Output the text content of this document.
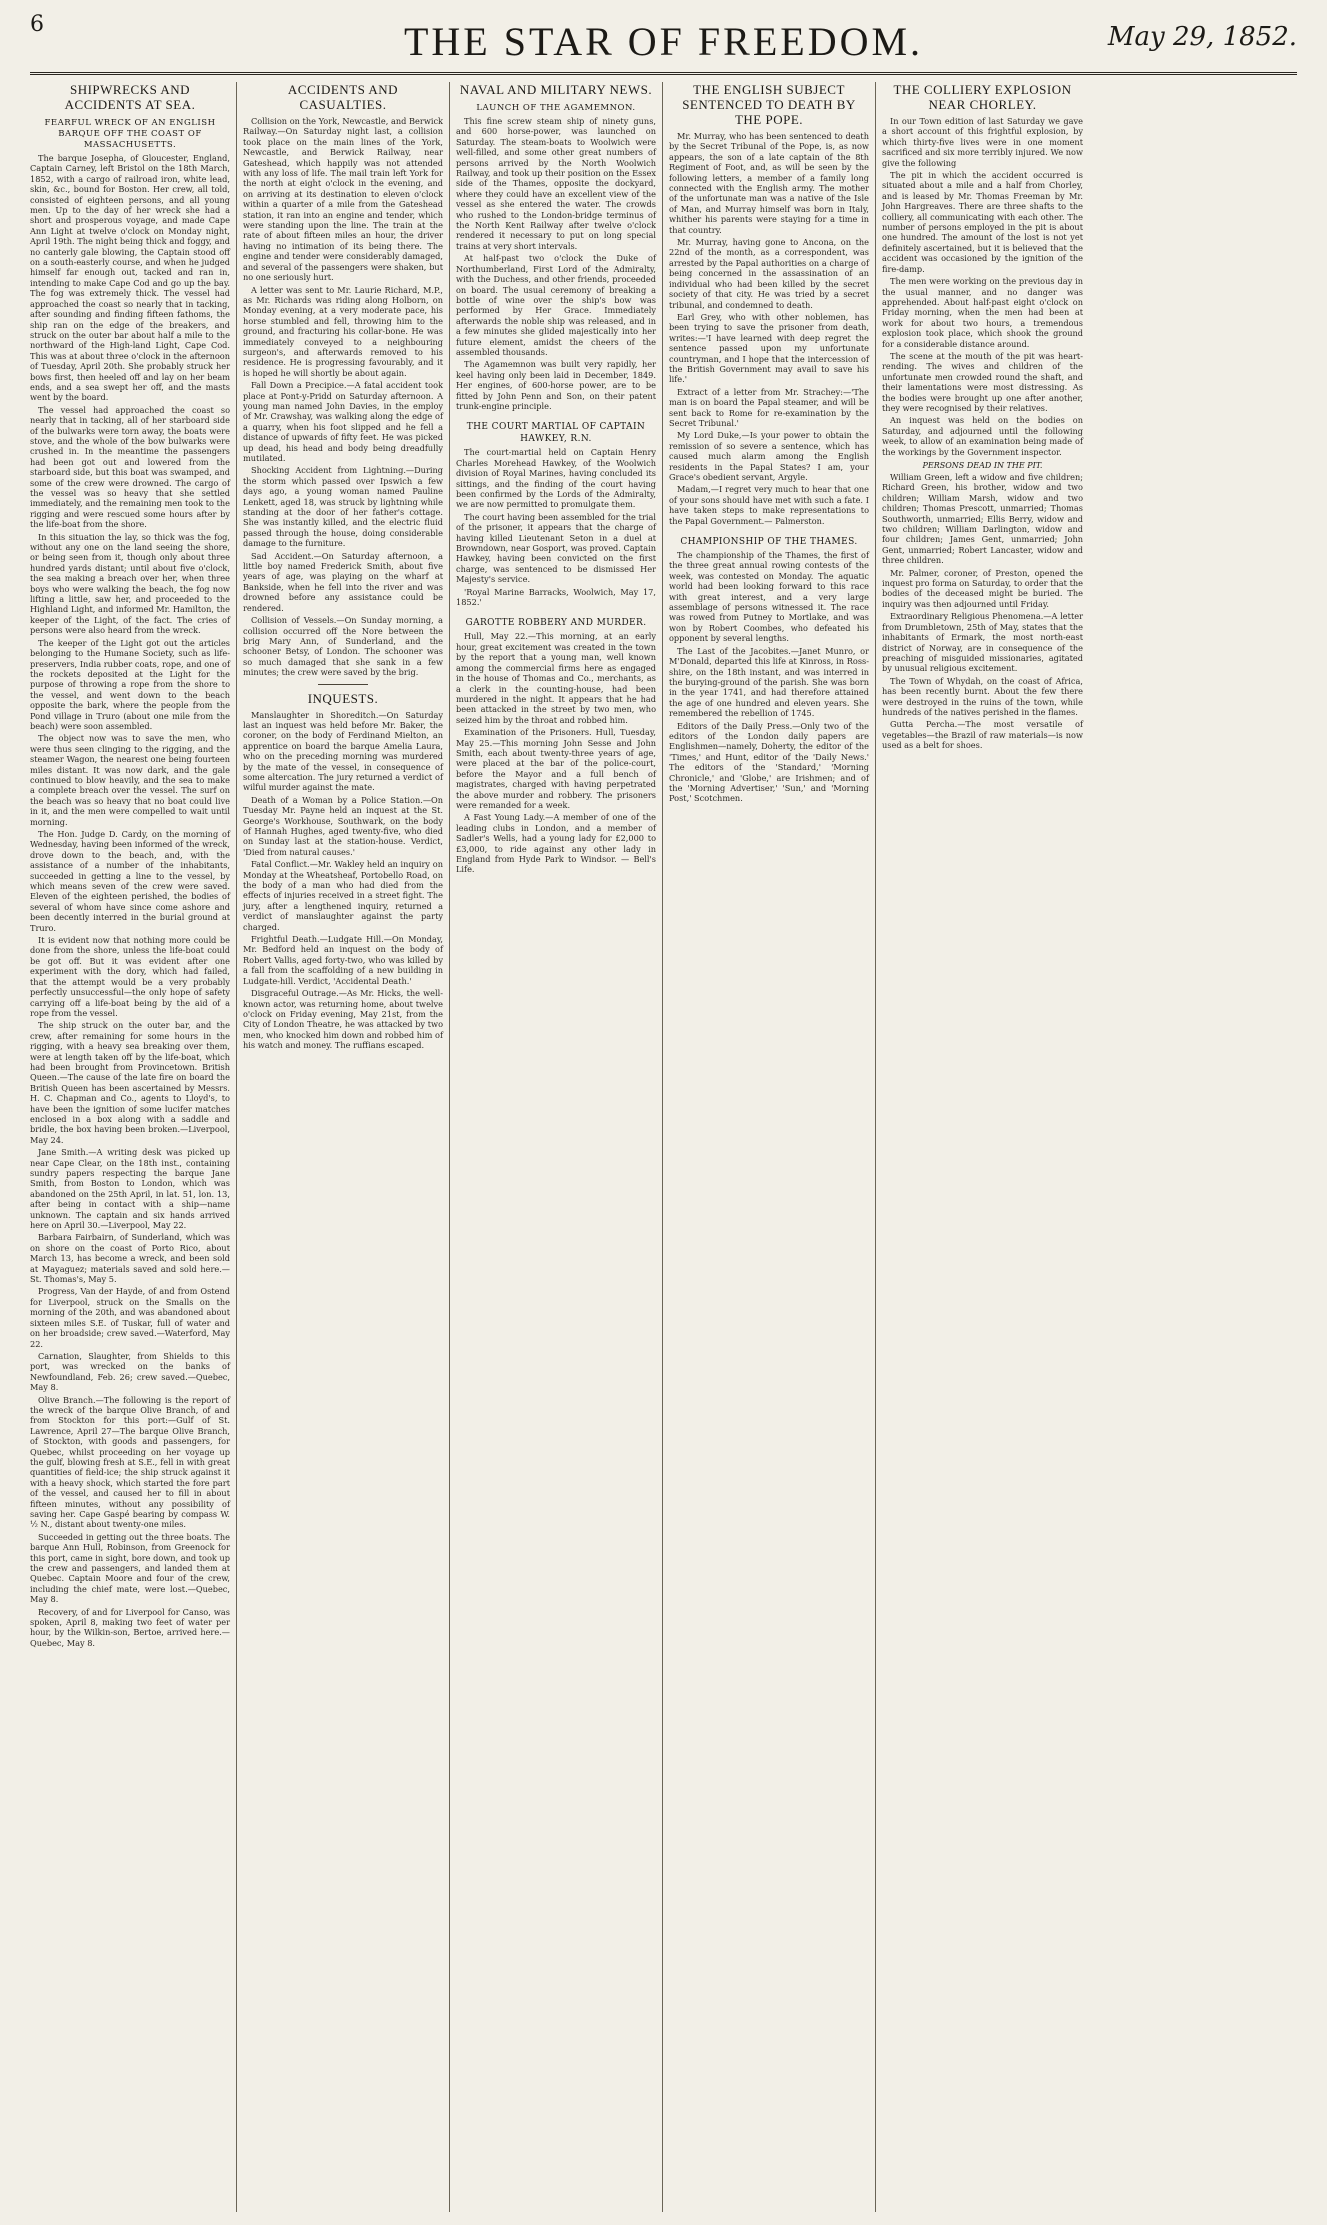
6	THE STAR OF FREEDOM.	May 29, 1852.
SHIPWRECKS AND ACCIDENTS AT SEA.
FEARFUL WRECK OF AN ENGLISH BARQUE OFF THE COAST OF MASSACHUSETTS.

The barque Josepha, of Gloucester, England, Captain Carney, left Bristol on the 18th March, 1852, with a cargo of railroad iron, white lead, skin, &c., bound for Boston. Her crew, all told, consisted of eighteen persons, and all young men. Up to the day of her wreck she had a short and prosperous voyage, and made Cape Ann Light at twelve o'clock on Monday night, April 19th. The night being thick and foggy, and no canterly gale blowing, the Captain stood off on a south-easterly course, and when he judged himself far enough out, tacked and ran in, intending to make Cape Cod and go up the bay. The fog was extremely thick. The vessel had approached the coast so nearly that in tacking, after sounding and finding fifteen fathoms, the ship ran on the edge of the breakers, and struck on the outer bar about half a mile to the northward of the High-land Light, Cape Cod. This was at about three o'clock in the afternoon of Tuesday, April 20th. She probably struck her bows first, then heeled off and lay on her beam ends, and a sea swept her off, and the masts went by the board.

The vessel had approached the coast so nearly that in tacking, all of her starboard side of the bulwarks were torn away, the boats were stove, and the whole of the bow bulwarks were crushed in. In the meantime the passengers had been got out and lowered from the starboard side, but this boat was swamped, and some of the crew were drowned. The cargo of the vessel was so heavy that she settled immediately, and the remaining men took to the rigging and were rescued some hours after by the life-boat from the shore.

In this situation the lay, so thick was the fog, without any one on the land seeing the shore, or being seen from it, though only about three hundred yards distant; until about five o'clock, the sea making a breach over her, when three boys who were walking the beach, the fog now lifting a little, saw her, and proceeded to the Highland Light, and informed Mr. Hamilton, the keeper of the Light, of the fact. The cries of persons were also heard from the wreck.

The keeper of the Light got out the articles belonging to the Humane Society, such as life-preservers, India rubber coats, rope, and one of the rockets deposited at the Light for the purpose of throwing a rope from the shore to the vessel, and went down to the beach opposite the bark, where the people from the Pond village in Truro (about one mile from the beach) were soon assembled.

The object now was to save the men, who were thus seen clinging to the rigging, and the steamer Wagon, the nearest one being fourteen miles distant. It was now dark, and the gale continued to blow heavily, and the sea to make a complete breach over the vessel. The surf on the beach was so heavy that no boat could live in it, and the men were compelled to wait until morning.

The Hon. Judge D. Cardy, on the morning of Wednesday, having been informed of the wreck, drove down to the beach, and, with the assistance of a number of the inhabitants, succeeded in getting a line to the vessel, by which means seven of the crew were saved. Eleven of the eighteen perished, the bodies of several of whom have since come ashore and been decently interred in the burial ground at Truro.

It is evident now that nothing more could be done from the shore, unless the life-boat could be got off. But it was evident after one experiment with the dory, which had failed, that the attempt would be a very probably perfectly unsuccessful—the only hope of safety carrying off a life-boat being by the aid of a rope from the vessel.

The ship struck on the outer bar, and the crew, after remaining for some hours in the rigging, with a heavy sea breaking over them, were at length taken off by the life-boat, which had been brought from Provincetown. British Queen.—The cause of the late fire on board the British Queen has been ascertained by Messrs. H. C. Chapman and Co., agents to Lloyd's, to have been the ignition of some lucifer matches enclosed in a box along with a saddle and bridle, the box having been broken.—Liverpool, May 24.

Jane Smith.—A writing desk was picked up near Cape Clear, on the 18th inst., containing sundry papers respecting the barque Jane Smith, from Boston to London, which was abandoned on the 25th April, in lat. 51, lon. 13, after being in contact with a ship—name unknown. The captain and six hands arrived here on April 30.—Liverpool, May 22.

Barbara Fairbairn, of Sunderland, which was on shore on the coast of Porto Rico, about March 13, has become a wreck, and been sold at Mayaguez; materials saved and sold here.—St. Thomas's, May 5.

Progress, Van der Hayde, of and from Ostend for Liverpool, struck on the Smalls on the morning of the 20th, and was abandoned about sixteen miles S.E. of Tuskar, full of water and on her broadside; crew saved.—Waterford, May 22.

Carnation, Slaughter, from Shields to this port, was wrecked on the banks of Newfoundland, Feb. 26; crew saved.—Quebec, May 8.

Olive Branch.—The following is the report of the wreck of the barque Olive Branch, of and from Stockton for this port:—Gulf of St. Lawrence, April 27—The barque Olive Branch, of Stockton, with goods and passengers, for Quebec, whilst proceeding on her voyage up the gulf, blowing fresh at S.E., fell in with great quantities of field-ice; the ship struck against it with a heavy shock, which started the fore part of the vessel, and caused her to fill in about fifteen minutes, without any possibility of saving her. Cape Gaspé bearing by compass W. ½ N., distant about twenty-one miles.

Succeeded in getting out the three boats. The barque Ann Hull, Robinson, from Greenock for this port, came in sight, bore down, and took up the crew and passengers, and landed them at Quebec. Captain Moore and four of the crew, including the chief mate, were lost.—Quebec, May 8.

Recovery, of and for Liverpool for Canso, was spoken, April 8, making two feet of water per hour, by the Wilkin-son, Bertoe, arrived here.—Quebec, May 8.

ACCIDENTS AND CASUALTIES.

Collision on the York, Newcastle, and Berwick Railway.—On Saturday night last, a collision took place on the main lines of the York, Newcastle, and Berwick Railway, near Gateshead, which happily was not attended with any loss of life. The mail train left York for the north at eight o'clock in the evening, and on arriving at its destination to eleven o'clock within a quarter of a mile from the Gateshead station, it ran into an engine and tender, which were standing upon the line. The train at the rate of about fifteen miles an hour, the driver having no intimation of its being there. The engine and tender were considerably damaged, and several of the passengers were shaken, but no one seriously hurt.

A letter was sent to Mr. Laurie Richard, M.P., as Mr. Richards was riding along Holborn, on Monday evening, at a very moderate pace, his horse stumbled and fell, throwing him to the ground, and fracturing his collar-bone. He was immediately conveyed to a neighbouring surgeon's, and afterwards removed to his residence. He is progressing favourably, and it is hoped he will shortly be about again.

Fall Down a Precipice.—A fatal accident took place at Pont-y-Pridd on Saturday afternoon. A young man named John Davies, in the employ of Mr. Crawshay, was walking along the edge of a quarry, when his foot slipped and he fell a distance of upwards of fifty feet. He was picked up dead, his head and body being dreadfully mutilated.

Shocking Accident from Lightning.—During the storm which passed over Ipswich a few days ago, a young woman named Pauline Lenkett, aged 18, was struck by lightning while standing at the door of her father's cottage. She was instantly killed, and the electric fluid passed through the house, doing considerable damage to the furniture.

Sad Accident.—On Saturday afternoon, a little boy named Frederick Smith, about five years of age, was playing on the wharf at Bankside, when he fell into the river and was drowned before any assistance could be rendered.

Collision of Vessels.—On Sunday morning, a collision occurred off the Nore between the brig Mary Ann, of Sunderland, and the schooner Betsy, of London. The schooner was so much damaged that she sank in a few minutes; the crew were saved by the brig.

INQUESTS.

Manslaughter in Shoreditch.—On Saturday last an inquest was held before Mr. Baker, the coroner, on the body of Ferdinand Mielton, an apprentice on board the barque Amelia Laura, who on the preceding morning was murdered by the mate of the vessel, in consequence of some altercation. The jury returned a verdict of wilful murder against the mate.

Death of a Woman by a Police Station.—On Tuesday Mr. Payne held an inquest at the St. George's Workhouse, Southwark, on the body of Hannah Hughes, aged twenty-five, who died on Sunday last at the station-house. Verdict, 'Died from natural causes.'

Fatal Conflict.—Mr. Wakley held an inquiry on Monday at the Wheatsheaf, Portobello Road, on the body of a man who had died from the effects of injuries received in a street fight. The jury, after a lengthened inquiry, returned a verdict of manslaughter against the party charged.

Frightful Death.—Ludgate Hill.—On Monday, Mr. Bedford held an inquest on the body of Robert Vallis, aged forty-two, who was killed by a fall from the scaffolding of a new building in Ludgate-hill. Verdict, 'Accidental Death.'

Disgraceful Outrage.—As Mr. Hicks, the well-known actor, was returning home, about twelve o'clock on Friday evening, May 21st, from the City of London Theatre, he was attacked by two men, who knocked him down and robbed him of his watch and money. The ruffians escaped.

NAVAL AND MILITARY NEWS.
LAUNCH OF THE AGAMEMNON.

This fine screw steam ship of ninety guns, and 600 horse-power, was launched on Saturday. The steam-boats to Woolwich were well-filled, and some other great numbers of persons arrived by the North Woolwich Railway, and took up their position on the Essex side of the Thames, opposite the dockyard, where they could have an excellent view of the vessel as she entered the water. The crowds who rushed to the London-bridge terminus of the North Kent Railway after twelve o'clock rendered it necessary to put on long special trains at very short intervals.

At half-past two o'clock the Duke of Northumberland, First Lord of the Admiralty, with the Duchess, and other friends, proceeded on board. The usual ceremony of breaking a bottle of wine over the ship's bow was performed by Her Grace. Immediately afterwards the noble ship was released, and in a few minutes she glided majestically into her future element, amidst the cheers of the assembled thousands.

The Agamemnon was built very rapidly, her keel having only been laid in December, 1849. Her engines, of 600-horse power, are to be fitted by John Penn and Son, on their patent trunk-engine principle.

THE COURT MARTIAL OF CAPTAIN HAWKEY, R.N.

The court-martial held on Captain Henry Charles Morehead Hawkey, of the Woolwich division of Royal Marines, having concluded its sittings, and the finding of the court having been confirmed by the Lords of the Admiralty, we are now permitted to promulgate them.

The court having been assembled for the trial of the prisoner, it appears that the charge of having killed Lieutenant Seton in a duel at Browndown, near Gosport, was proved. Captain Hawkey, having been convicted on the first charge, was sentenced to be dismissed Her Majesty's service.

'Royal Marine Barracks, Woolwich, May 17, 1852.'

GAROTTE ROBBERY AND MURDER.

Hull, May 22.—This morning, at an early hour, great excitement was created in the town by the report that a young man, well known among the commercial firms here as engaged in the house of Thomas and Co., merchants, as a clerk in the counting-house, had been murdered in the night. It appears that he had been attacked in the street by two men, who seized him by the throat and robbed him.

Examination of the Prisoners. Hull, Tuesday, May 25.—This morning John Sesse and John Smith, each about twenty-three years of age, were placed at the bar of the police-court, before the Mayor and a full bench of magistrates, charged with having perpetrated the above murder and robbery. The prisoners were remanded for a week.

A Fast Young Lady.—A member of one of the leading clubs in London, and a member of Sadler's Wells, had a young lady for £2,000 to £3,000, to ride against any other lady in England from Hyde Park to Windsor. — Bell's Life.

THE ENGLISH SUBJECT SENTENCED TO DEATH BY THE POPE.

Mr. Murray, who has been sentenced to death by the Secret Tribunal of the Pope, is, as now appears, the son of a late captain of the 8th Regiment of Foot, and, as will be seen by the following letters, a member of a family long connected with the English army. The mother of the unfortunate man was a native of the Isle of Man, and Murray himself was born in Italy, whither his parents were staying for a time in that country.

Mr. Murray, having gone to Ancona, on the 22nd of the month, as a correspondent, was arrested by the Papal authorities on a charge of being concerned in the assassination of an individual who had been killed by the secret society of that city. He was tried by a secret tribunal, and condemned to death.

Earl Grey, who with other noblemen, has been trying to save the prisoner from death, writes:—'I have learned with deep regret the sentence passed upon my unfortunate countryman, and I hope that the intercession of the British Government may avail to save his life.'

Extract of a letter from Mr. Strachey:—'The man is on board the Papal steamer, and will be sent back to Rome for re-examination by the Secret Tribunal.'

My Lord Duke,—Is your power to obtain the remission of so severe a sentence, which has caused much alarm among the English residents in the Papal States? I am, your Grace's obedient servant, Argyle.

Madam,—I regret very much to hear that one of your sons should have met with such a fate. I have taken steps to make representations to the Papal Government.— Palmerston.

CHAMPIONSHIP OF THE THAMES.

The championship of the Thames, the first of the three great annual rowing contests of the week, was contested on Monday. The aquatic world had been looking forward to this race with great interest, and a very large assemblage of persons witnessed it. The race was rowed from Putney to Mortlake, and was won by Robert Coombes, who defeated his opponent by several lengths.

The Last of the Jacobites.—Janet Munro, or M'Donald, departed this life at Kinross, in Ross-shire, on the 18th instant, and was interred in the burying-ground of the parish. She was born in the year 1741, and had therefore attained the age of one hundred and eleven years. She remembered the rebellion of 1745.

Editors of the Daily Press.—Only two of the editors of the London daily papers are Englishmen—namely, Doherty, the editor of the 'Times,' and Hunt, editor of the 'Daily News.' The editors of the 'Standard,' 'Morning Chronicle,' and 'Globe,' are Irishmen; and of the 'Morning Advertiser,' 'Sun,' and 'Morning Post,' Scotchmen.

THE COLLIERY EXPLOSION NEAR CHORLEY.

In our Town edition of last Saturday we gave a short account of this frightful explosion, by which thirty-five lives were in one moment sacrificed and six more terribly injured. We now give the following

The pit in which the accident occurred is situated about a mile and a half from Chorley, and is leased by Mr. Thomas Freeman by Mr. John Hargreaves. There are three shafts to the colliery, all communicating with each other. The number of persons employed in the pit is about one hundred. The amount of the lost is not yet definitely ascertained, but it is believed that the accident was occasioned by the ignition of the fire-damp.

The men were working on the previous day in the usual manner, and no danger was apprehended. About half-past eight o'clock on Friday morning, when the men had been at work for about two hours, a tremendous explosion took place, which shook the ground for a considerable distance around.

The scene at the mouth of the pit was heart-rending. The wives and children of the unfortunate men crowded round the shaft, and their lamentations were most distressing. As the bodies were brought up one after another, they were recognised by their relatives.

An inquest was held on the bodies on Saturday, and adjourned until the following week, to allow of an examination being made of the workings by the Government inspector.

PERSONS DEAD IN THE PIT.

William Green, left a widow and five children; Richard Green, his brother, widow and two children; William Marsh, widow and two children; Thomas Prescott, unmarried; Thomas Southworth, unmarried; Ellis Berry, widow and two children; William Darlington, widow and four children; James Gent, unmarried; John Gent, unmarried; Robert Lancaster, widow and three children.

Mr. Palmer, coroner, of Preston, opened the inquest pro forma on Saturday, to order that the bodies of the deceased might be buried. The inquiry was then adjourned until Friday.

Extraordinary Religious Phenomena.—A letter from Drumbletown, 25th of May, states that the inhabitants of Ermark, the most north-east district of Norway, are in consequence of the preaching of misguided missionaries, agitated by unusual religious excitement.

The Town of Whydah, on the coast of Africa, has been recently burnt. About the few there were destroyed in the ruins of the town, while hundreds of the natives perished in the flames.

Gutta Percha.—The most versatile of vegetables—the Brazil of raw materials—is now used as a belt for shoes.
